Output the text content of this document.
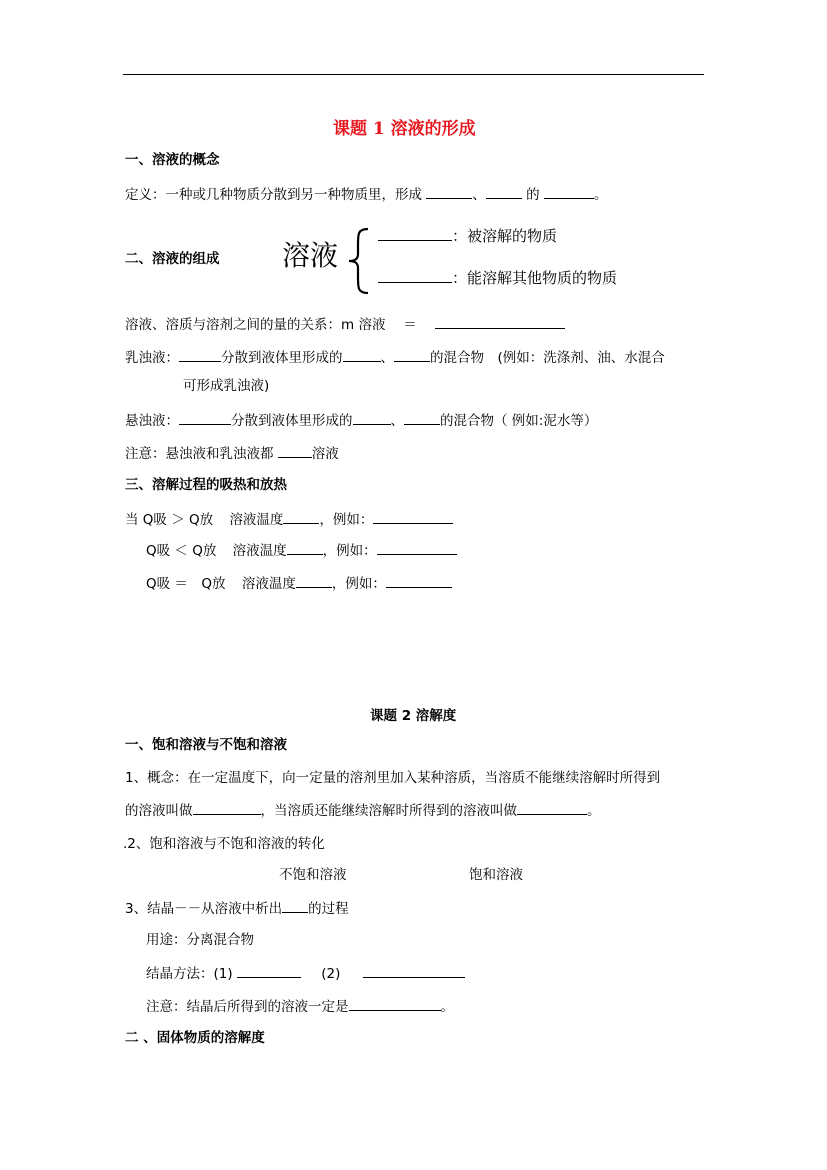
课题 1 溶液的形成
一、溶液的概念
定义：一种或几种物质分散到另一种物质里，形成	、	的	。
二、溶液的组成 溶液
：被溶解的物质
：能溶解其他物质的物质
溶液、溶质与溶剂之间的量的关系：m 溶液　 ＝
乳浊液：	分散到液体里形成的	、	的混合物　(例如：洗涤剂、油、水混合
可形成乳浊液)
悬浊液：	分散到液体里形成的	、	的混合物（ 例如:泥水等）
注意：悬浊液和乳浊液都	溶液
三、溶解过程的吸热和放热
当 Q吸 ＞ Q放 溶液温度	，例如：
Q吸 ＜ Q放 溶液温度	，例如：
Q吸 ＝　Q放 溶液温度	，例如：
课题 2 溶解度
一、饱和溶液与不饱和溶液
1、概念：在一定温度下，向一定量的溶剂里加入某种溶质，当溶质不能继续溶解时所得到
的溶液叫做	，当溶质还能继续溶解时所得到的溶液叫做	。
.2、饱和溶液与不饱和溶液的转化
不饱和溶液	饱和溶液
3、结晶－－从溶液中析出 的过程
用途：分离混合物
结晶方法：(1)	(2)
注意：结晶后所得到的溶液一定是	。
二 、固体物质的溶解度
